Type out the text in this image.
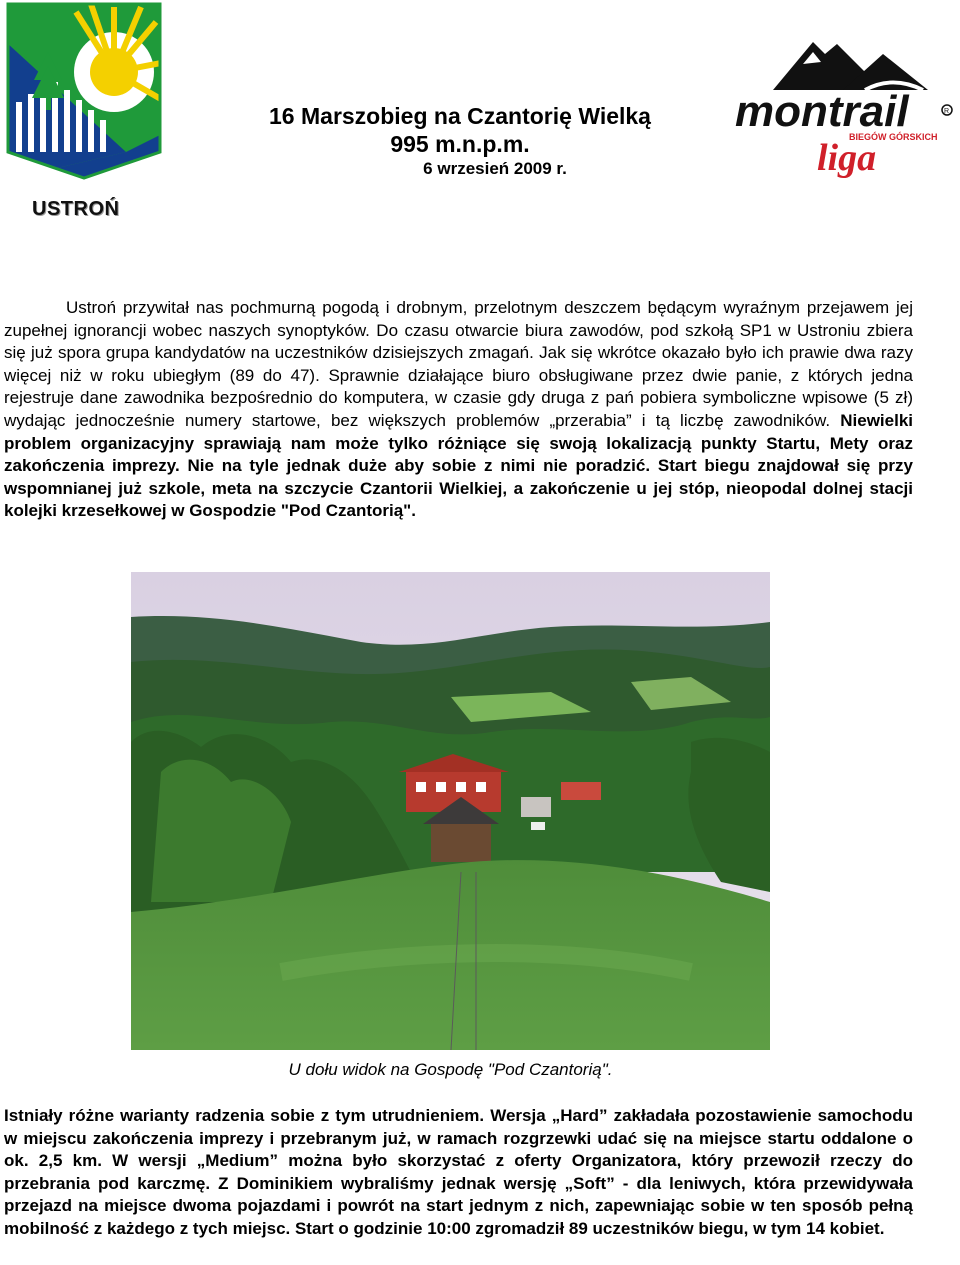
USTROŃ
16 Marszobieg na Czantorię Wielką
995 m.n.p.m.
6 wrzesień 2009 r.
montrail	R
liga
BIEGÓW GÓRSKICH
Ustroń przywitał nas pochmurną pogodą i drobnym, przelotnym deszczem będącym wyraźnym przejawem jej zupełnej ignorancji wobec naszych synoptyków. Do czasu otwarcie biura zawodów, pod szkołą SP1 w Ustroniu zbiera się już spora grupa kandydatów na uczestników dzisiejszych zmagań. Jak się wkrótce okazało było ich prawie dwa razy więcej niż w roku ubiegłym (89 do 47). Sprawnie działające biuro obsługiwane przez dwie panie, z których jedna rejestruje dane zawodnika bezpośrednio do komputera, w czasie gdy druga z pań pobiera symboliczne wpisowe (5 zł) wydając jednocześnie numery startowe, bez większych problemów „przerabia” i tą liczbę zawodników. Niewielki problem organizacyjny sprawiają nam może tylko różniące się swoją lokalizacją punkty Startu, Mety oraz zakończenia imprezy. Nie na tyle jednak duże aby sobie z nimi nie poradzić. Start biegu znajdował się przy wspomnianej już szkole, meta na szczycie Czantorii Wielkiej, a zakończenie u jej stóp, nieopodal dolnej stacji kolejki krzesełkowej w Gospodzie "Pod Czantorią".
U dołu widok na Gospodę "Pod Czantorią".
Istniały różne warianty radzenia sobie z tym utrudnieniem. Wersja „Hard” zakładała pozostawienie samochodu w miejscu zakończenia imprezy i przebranym już, w ramach rozgrzewki udać się na miejsce startu oddalone o ok. 2,5 km. W wersji „Medium” można było skorzystać z oferty Organizatora, który przewoził rzeczy do przebrania pod karczmę. Z Dominikiem wybraliśmy jednak wersję „Soft” - dla leniwych, która przewidywała przejazd na miejsce dwoma pojazdami i powrót na start jednym z nich, zapewniając sobie w ten sposób pełną mobilność z każdego z tych miejsc. Start o godzinie 10:00 zgromadził 89 uczestników biegu, w tym 14 kobiet.
